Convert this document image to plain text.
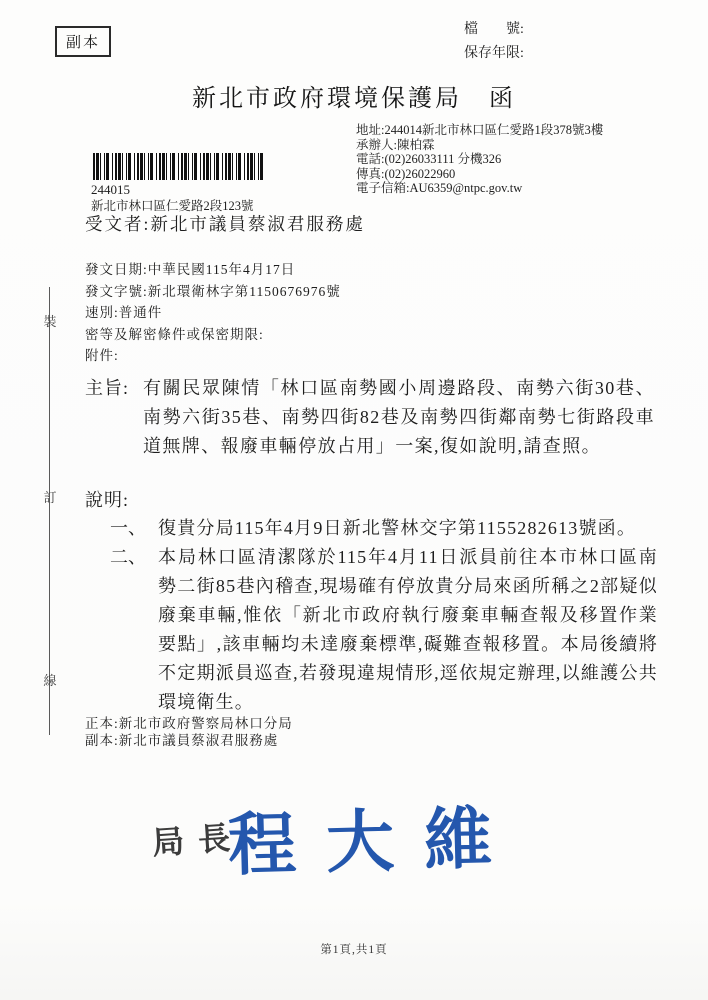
裝
訂
線
副本
檔　　號:
保存年限:
新北市政府環境保護局　函
地址:244014新北市林口區仁愛路1段378號3樓
承辦人:陳柏霖
電話:(02)26033111 分機326
傳真:(02)26022960
電子信箱:AU6359@ntpc.gov.tw
244015
新北市林口區仁愛路2段123號
受文者:新北市議員蔡淑君服務處
發文日期:中華民國115年4月17日
發文字號:新北環衛林字第1150676976號
速別:普通件
密等及解密條件或保密期限:
附件:
主旨: 有關民眾陳情「林口區南勢國小周邊路段、南勢六街30巷、南勢六街35巷、南勢四街82巷及南勢四街鄰南勢七街路段車道無牌、報廢車輛停放占用」一案,復如說明,請查照。
說明:
一、 復貴分局115年4月9日新北警林交字第1155282613號函。
二、 本局林口區清潔隊於115年4月11日派員前往本市林口區南勢二街85巷內稽查,現場確有停放貴分局來函所稱之2部疑似廢棄車輛,惟依「新北市政府執行廢棄車輛查報及移置作業要點」,該車輛均未達廢棄標準,礙難查報移置。本局後續將不定期派員巡查,若發現違規情形,逕依規定辦理,以維護公共環境衛生。
正本:新北市政府警察局林口分局
副本:新北市議員蔡淑君服務處
局長
程大維
第1頁,共1頁
